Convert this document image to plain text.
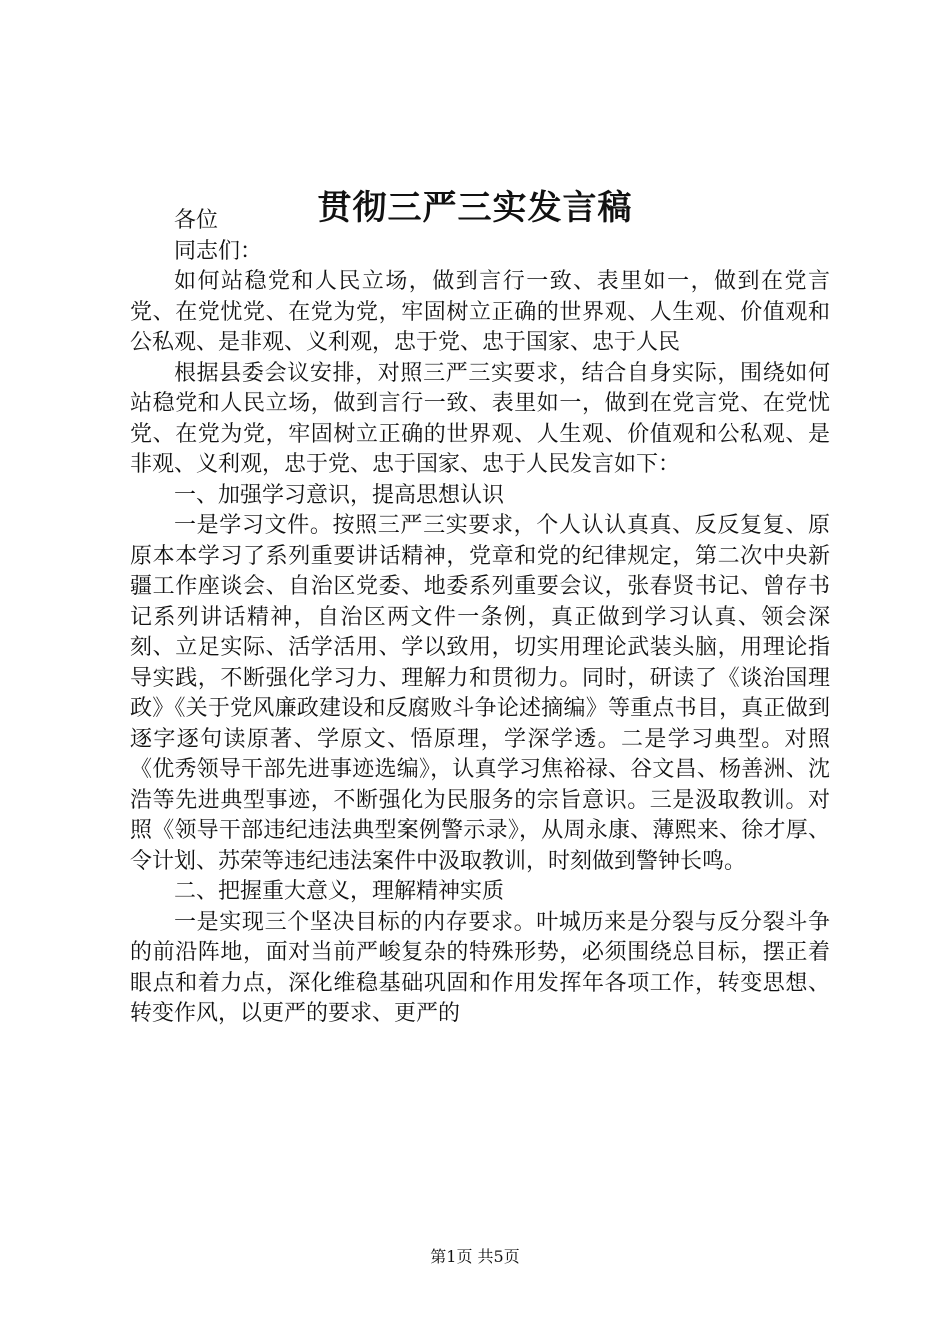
贯彻三严三实发言稿

各位

同志们：

如何站稳党和人民立场，做到言行一致、表里如一，做到在党言党、在党忧党、在党为党，牢固树立正确的世界观、人生观、价值观和公私观、是非观、义利观，忠于党、忠于国家、忠于人民

根据县委会议安排，对照三严三实要求，结合自身实际，围绕如何站稳党和人民立场，做到言行一致、表里如一，做到在党言党、在党忧党、在党为党，牢固树立正确的世界观、人生观、价值观和公私观、是非观、义利观，忠于党、忠于国家、忠于人民发言如下：

一、加强学习意识，提高思想认识

一是学习文件。按照三严三实要求，个人认认真真、反反复复、原原本本学习了系列重要讲话精神，党章和党的纪律规定，第二次中央新疆工作座谈会、自治区党委、地委系列重要会议，张春贤书记、曾存书记系列讲话精神，自治区两文件一条例，真正做到学习认真、领会深刻、立足实际、活学活用、学以致用，切实用理论武装头脑，用理论指导实践，不断强化学习力、理解力和贯彻力。同时，研读了《谈治国理政》《关于党风廉政建设和反腐败斗争论述摘编》等重点书目，真正做到逐字逐句读原著、学原文、悟原理，学深学透。二是学习典型。对照《优秀领导干部先进事迹选编》，认真学习焦裕禄、谷文昌、杨善洲、沈浩等先进典型事迹，不断强化为民服务的宗旨意识。三是汲取教训。对照《领导干部违纪违法典型案例警示录》，从周永康、薄熙来、徐才厚、令计划、苏荣等违纪违法案件中汲取教训，时刻做到警钟长鸣。

二、把握重大意义，理解精神实质

一是实现三个坚决目标的内存要求。叶城历来是分裂与反分裂斗争的前沿阵地，面对当前严峻复杂的特殊形势，必须围绕总目标，摆正着眼点和着力点，深化维稳基础巩固和作用发挥年各项工作，转变思想、转变作风，以更严的要求、更严的

第1页 共5页
